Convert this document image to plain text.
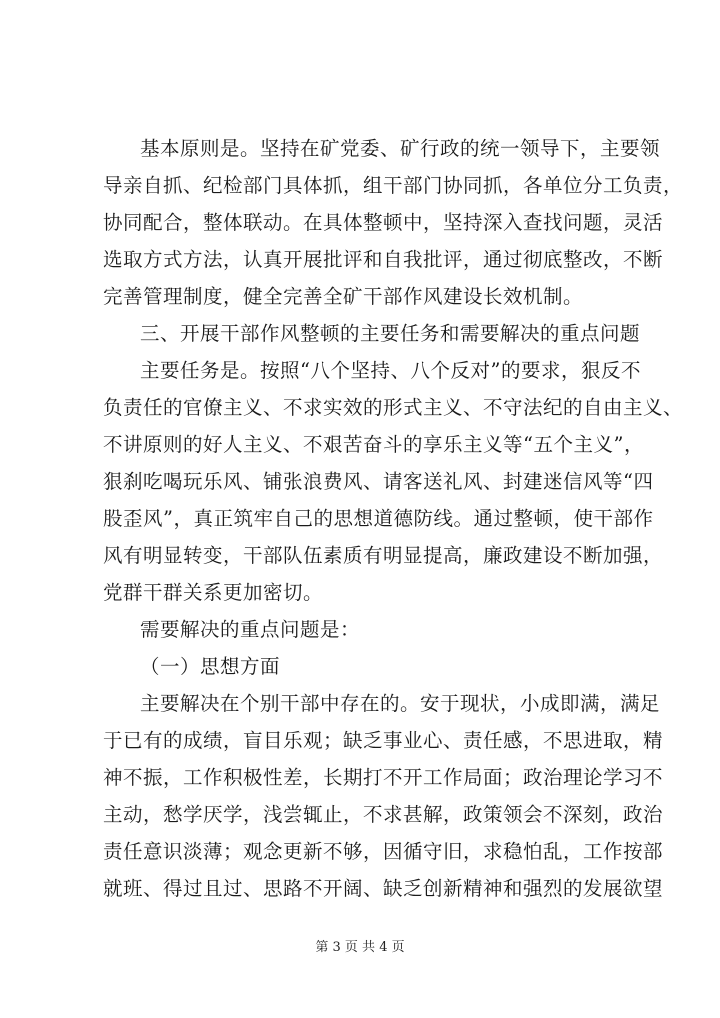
基本原则是。坚持在矿党委、矿行政的统一领导下，主要领
导亲自抓、纪检部门具体抓，组干部门协同抓，各单位分工负责，
协同配合，整体联动。在具体整顿中，坚持深入查找问题，灵活
选取方式方法，认真开展批评和自我批评，通过彻底整改，不断
完善管理制度，健全完善全矿干部作风建设长效机制。
三、开展干部作风整顿的主要任务和需要解决的重点问题
主要任务是。按照“八个坚持、八个反对”的要求，狠反不
负责任的官僚主义、不求实效的形式主义、不守法纪的自由主义、
不讲原则的好人主义、不艰苦奋斗的享乐主义等“五个主义”，
狠刹吃喝玩乐风、铺张浪费风、请客送礼风、封建迷信风等“四
股歪风”，真正筑牢自己的思想道德防线。通过整顿，使干部作
风有明显转变，干部队伍素质有明显提高，廉政建设不断加强，
党群干群关系更加密切。
需要解决的重点问题是：
（一）思想方面
主要解决在个别干部中存在的。安于现状，小成即满，满足
于已有的成绩，盲目乐观；缺乏事业心、责任感，不思进取，精
神不振，工作积极性差，长期打不开工作局面；政治理论学习不
主动，愁学厌学，浅尝辄止，不求甚解，政策领会不深刻，政治
责任意识淡薄；观念更新不够，因循守旧，求稳怕乱，工作按部
就班、得过且过、思路不开阔、缺乏创新精神和强烈的发展欲望
第 3 页 共 4 页
